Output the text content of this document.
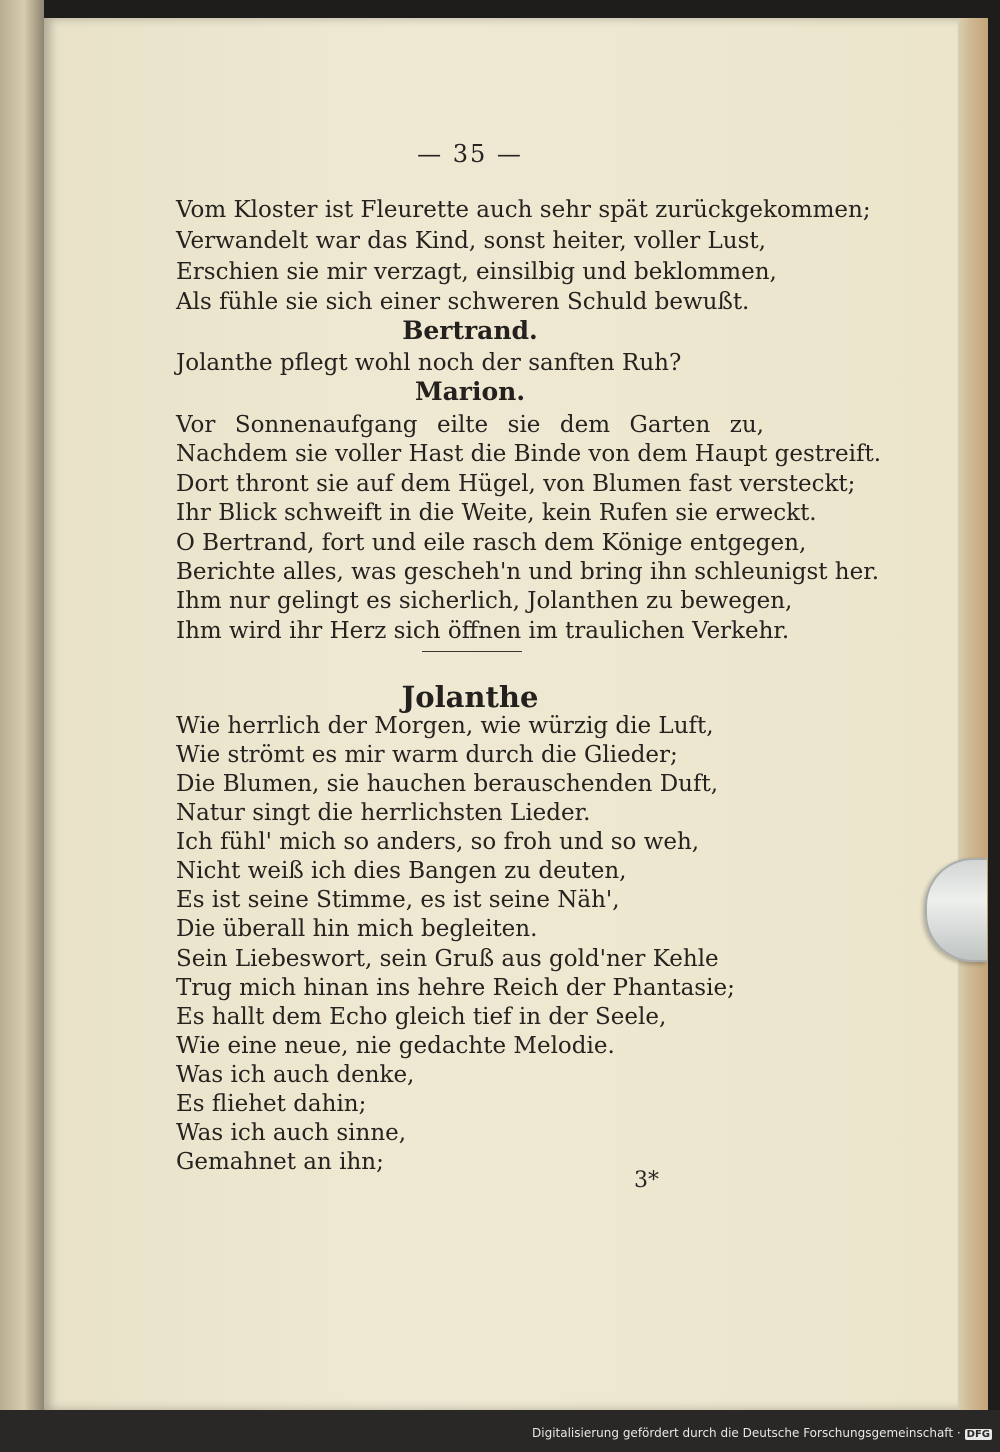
— 35 —
Vom Kloster ist Fleurette auch sehr spät zurückgekommen;
Verwandelt war das Kind, sonst heiter, voller Lust,
Erschien sie mir verzagt, einsilbig und beklommen,
Als fühle sie sich einer schweren Schuld bewußt.
Bertrand.
Jolanthe pflegt wohl noch der sanften Ruh?
Marion.
Vor Sonnenaufgang eilte sie dem Garten zu,
Nachdem sie voller Hast die Binde von dem Haupt gestreift.
Dort thront sie auf dem Hügel, von Blumen fast versteckt;
Ihr Blick schweift in die Weite, kein Rufen sie erweckt.
O Bertrand, fort und eile rasch dem Könige entgegen,
Berichte alles, was gescheh'n und bring ihn schleunigst her.
Ihm nur gelingt es sicherlich, Jolanthen zu bewegen,
Ihm wird ihr Herz sich öffnen im traulichen Verkehr.
Jolanthe
Wie herrlich der Morgen, wie würzig die Luft,
Wie strömt es mir warm durch die Glieder;
Die Blumen, sie hauchen berauschenden Duft,
Natur singt die herrlichsten Lieder.
Ich fühl' mich so anders, so froh und so weh,
Nicht weiß ich dies Bangen zu deuten,
Es ist seine Stimme, es ist seine Näh',
Die überall hin mich begleiten.
Sein Liebeswort, sein Gruß aus gold'ner Kehle
Trug mich hinan ins hehre Reich der Phantasie;
Es hallt dem Echo gleich tief in der Seele,
Wie eine neue, nie gedachte Melodie.
Was ich auch denke,
Es fliehet dahin;
Was ich auch sinne,
Gemahnet an ihn;
3*
Digitalisierung gefördert durch die Deutsche Forschungsgemeinschaft · DFG
